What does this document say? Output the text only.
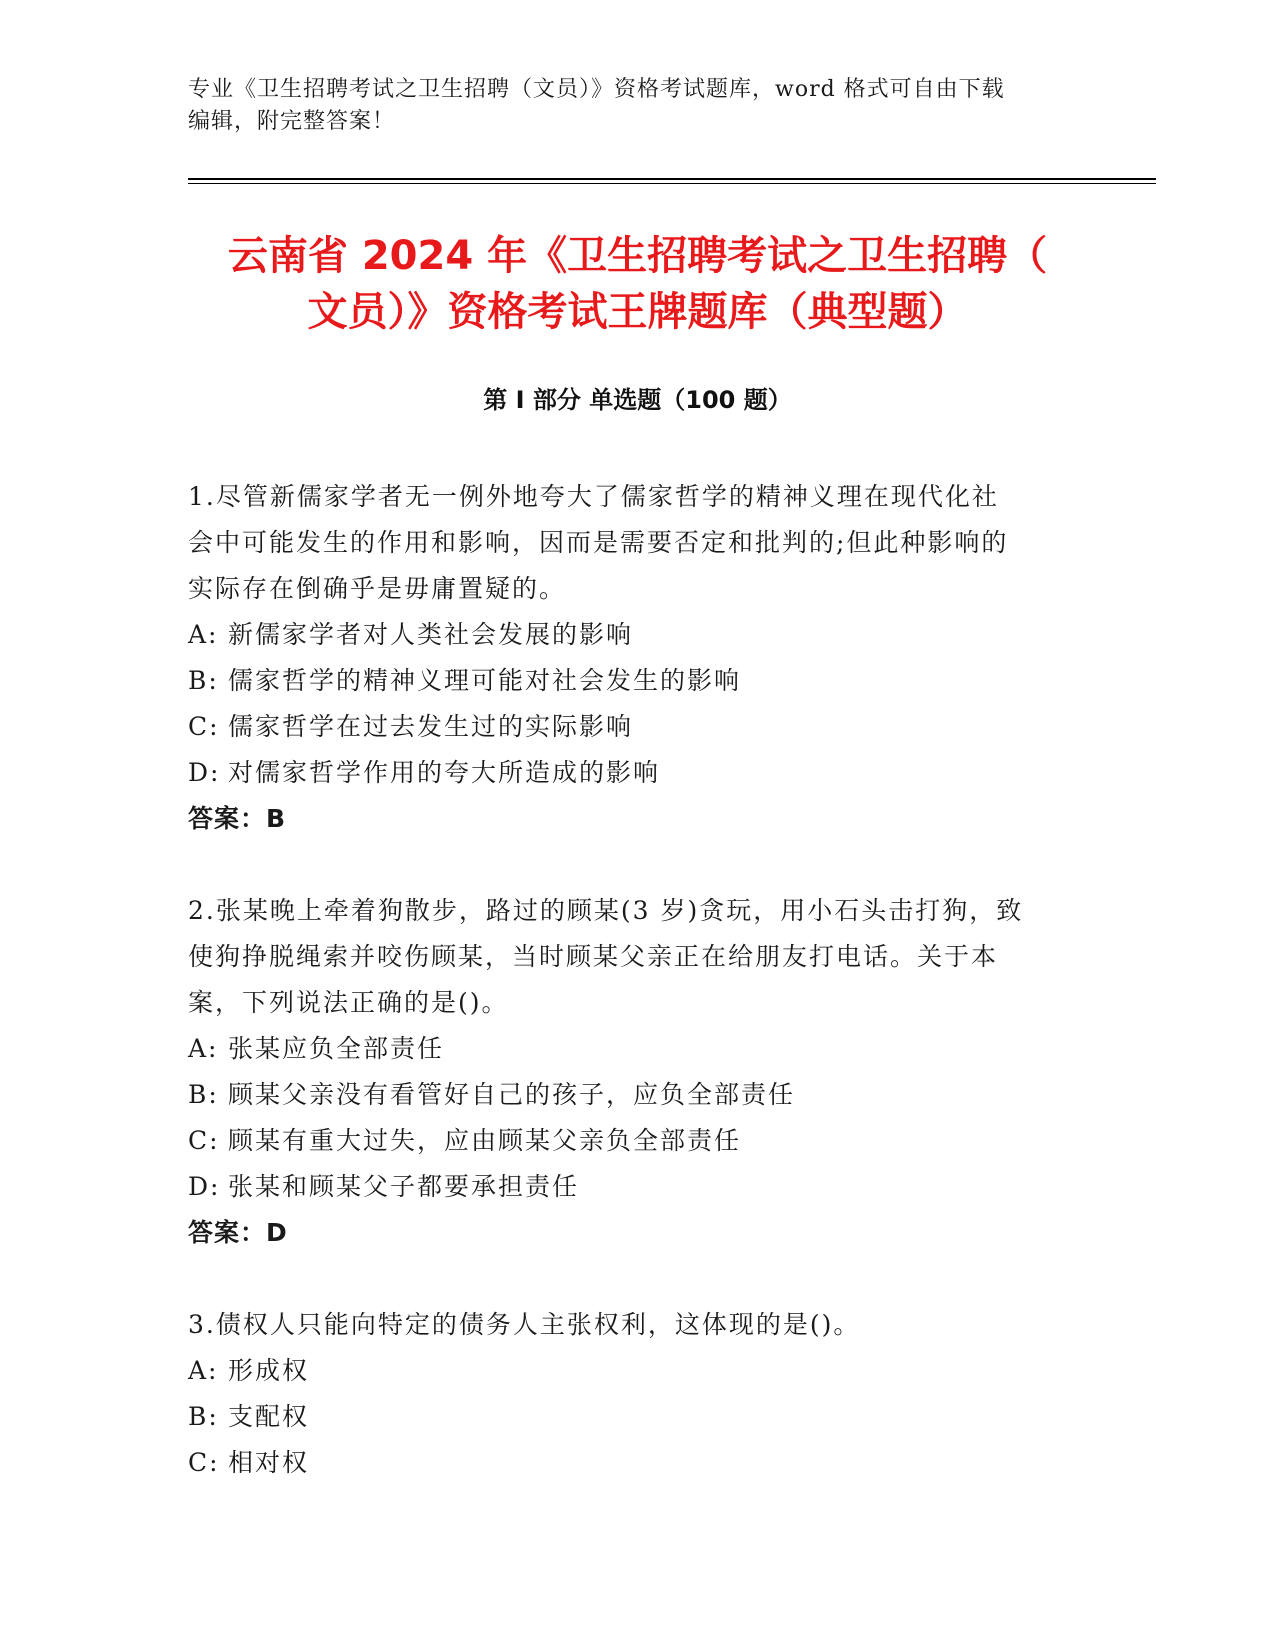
专业《卫生招聘考试之卫生招聘（文员）》资格考试题库，word 格式可自由下载
编辑，附完整答案！
云南省 2024 年《卫生招聘考试之卫生招聘（
文员）》资格考试王牌题库（典型题）
第 I 部分 单选题（100 题）
1.尽管新儒家学者无一例外地夸大了儒家哲学的精神义理在现代化社
会中可能发生的作用和影响，因而是需要否定和批判的;但此种影响的
实际存在倒确乎是毋庸置疑的。
A: 新儒家学者对人类社会发展的影响
B: 儒家哲学的精神义理可能对社会发生的影响
C: 儒家哲学在过去发生过的实际影响
D: 对儒家哲学作用的夸大所造成的影响
答案：B
2.张某晚上牵着狗散步，路过的顾某(3 岁)贪玩，用小石头击打狗，致
使狗挣脱绳索并咬伤顾某，当时顾某父亲正在给朋友打电话。关于本
案，下列说法正确的是()。
A: 张某应负全部责任
B: 顾某父亲没有看管好自己的孩子，应负全部责任
C: 顾某有重大过失，应由顾某父亲负全部责任
D: 张某和顾某父子都要承担责任
答案：D
3.债权人只能向特定的债务人主张权利，这体现的是()。
A: 形成权
B: 支配权
C: 相对权
